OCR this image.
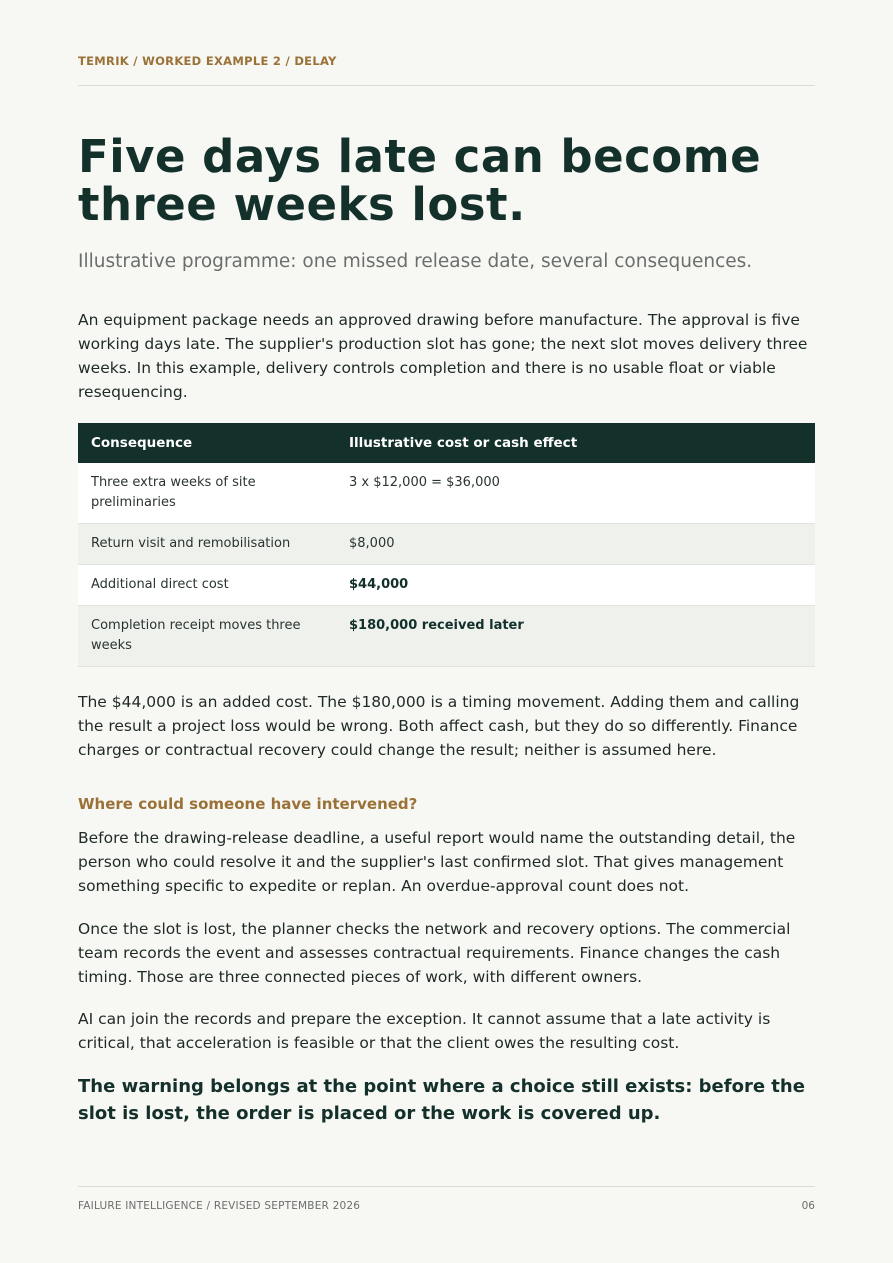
TEMRIK / WORKED EXAMPLE 2 / DELAY
Five days late can become three weeks lost.

Illustrative programme: one missed release date, several consequences.

An equipment package needs an approved drawing before manufacture. The approval is five working days late. The supplier's production slot has gone; the next slot moves delivery three weeks. In this example, delivery controls completion and there is no usable float or viable resequencing.

Consequence	Illustrative cost or cash effect
Three extra weeks of site preliminaries	3 x $12,000 = $36,000
Return visit and remobilisation	$8,000
Additional direct cost	$44,000
Completion receipt moves three weeks	$180,000 received later

The $44,000 is an added cost. The $180,000 is a timing movement. Adding them and calling the result a project loss would be wrong. Both affect cash, but they do so differently. Finance charges or contractual recovery could change the result; neither is assumed here.

Where could someone have intervened?

Before the drawing-release deadline, a useful report would name the outstanding detail, the person who could resolve it and the supplier's last confirmed slot. That gives management something specific to expedite or replan. An overdue-approval count does not.

Once the slot is lost, the planner checks the network and recovery options. The commercial team records the event and assesses contractual requirements. Finance changes the cash timing. Those are three connected pieces of work, with different owners.

AI can join the records and prepare the exception. It cannot assume that a late activity is critical, that acceleration is feasible or that the client owes the resulting cost.

The warning belongs at the point where a choice still exists: before the slot is lost, the order is placed or the work is covered up.

FAILURE INTELLIGENCE / REVISED SEPTEMBER 2026	06
